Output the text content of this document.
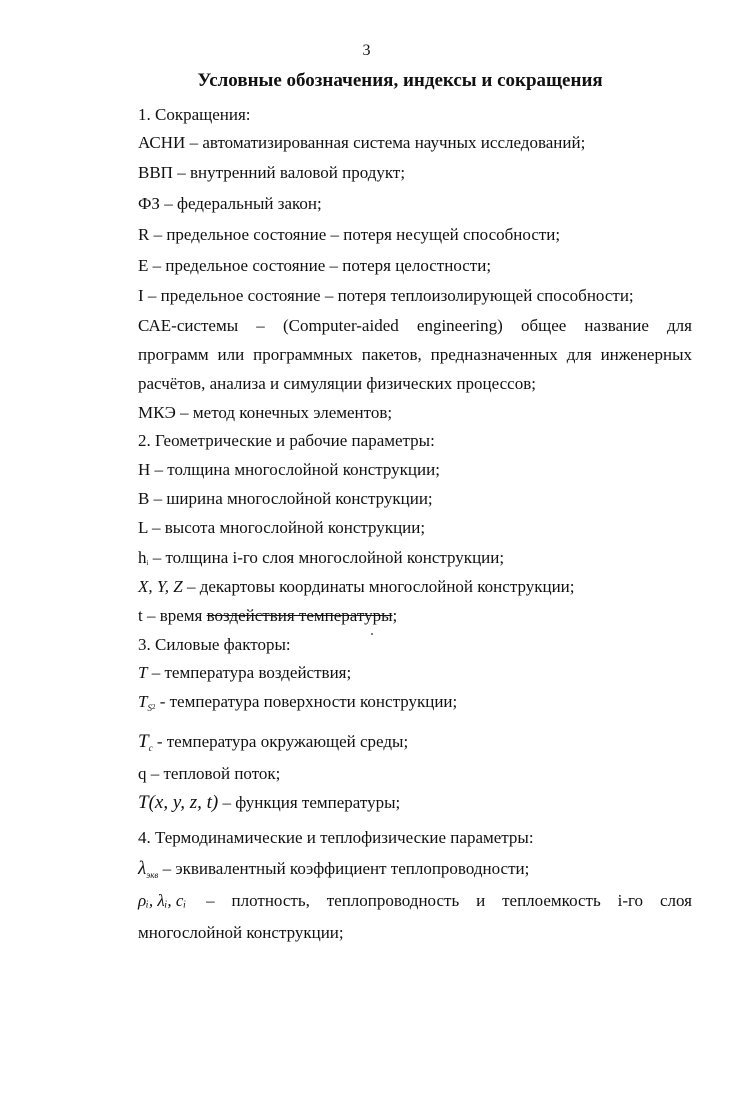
3
Условные обозначения, индексы и сокращения
1. Сокращения:
АСНИ – автоматизированная система научных исследований;
ВВП – внутренний валовой продукт;
ФЗ – федеральный закон;
R – предельное состояние – потеря несущей способности;
Е – предельное состояние – потеря целостности;
I – предельное состояние – потеря теплоизолирующей способности;
САЕ-системы – (Computer-aided engineering) общее название для
программ или программных пакетов, предназначенных для инженерных
расчётов, анализа и симуляции физических процессов;
МКЭ – метод конечных элементов;
2. Геометрические и рабочие параметры:
Н – толщина многослойной конструкции;
В – ширина многослойной конструкции;
L – высота многослойной конструкции;
hi – толщина i-го слоя многослойной конструкции;
X, Y, Z – декартовы координаты многослойной конструкции;
t – время воздействия температуры;
3. Силовые факторы:
T – температура воздействия;
$T_S2$ - температура поверхности конструкции;
$T_c$ - температура окружающей среды;
q – тепловой поток;
T(x, y, z, t) – функция температуры;
4. Термодинамические и теплофизические параметры:
$\lambda_{экв}$ – эквивалентный коэффициент теплопроводности;
ρᵢ, λᵢ, cᵢ – плотность, теплопроводность и теплоемкость i-го слоя
многослойной конструкции;
